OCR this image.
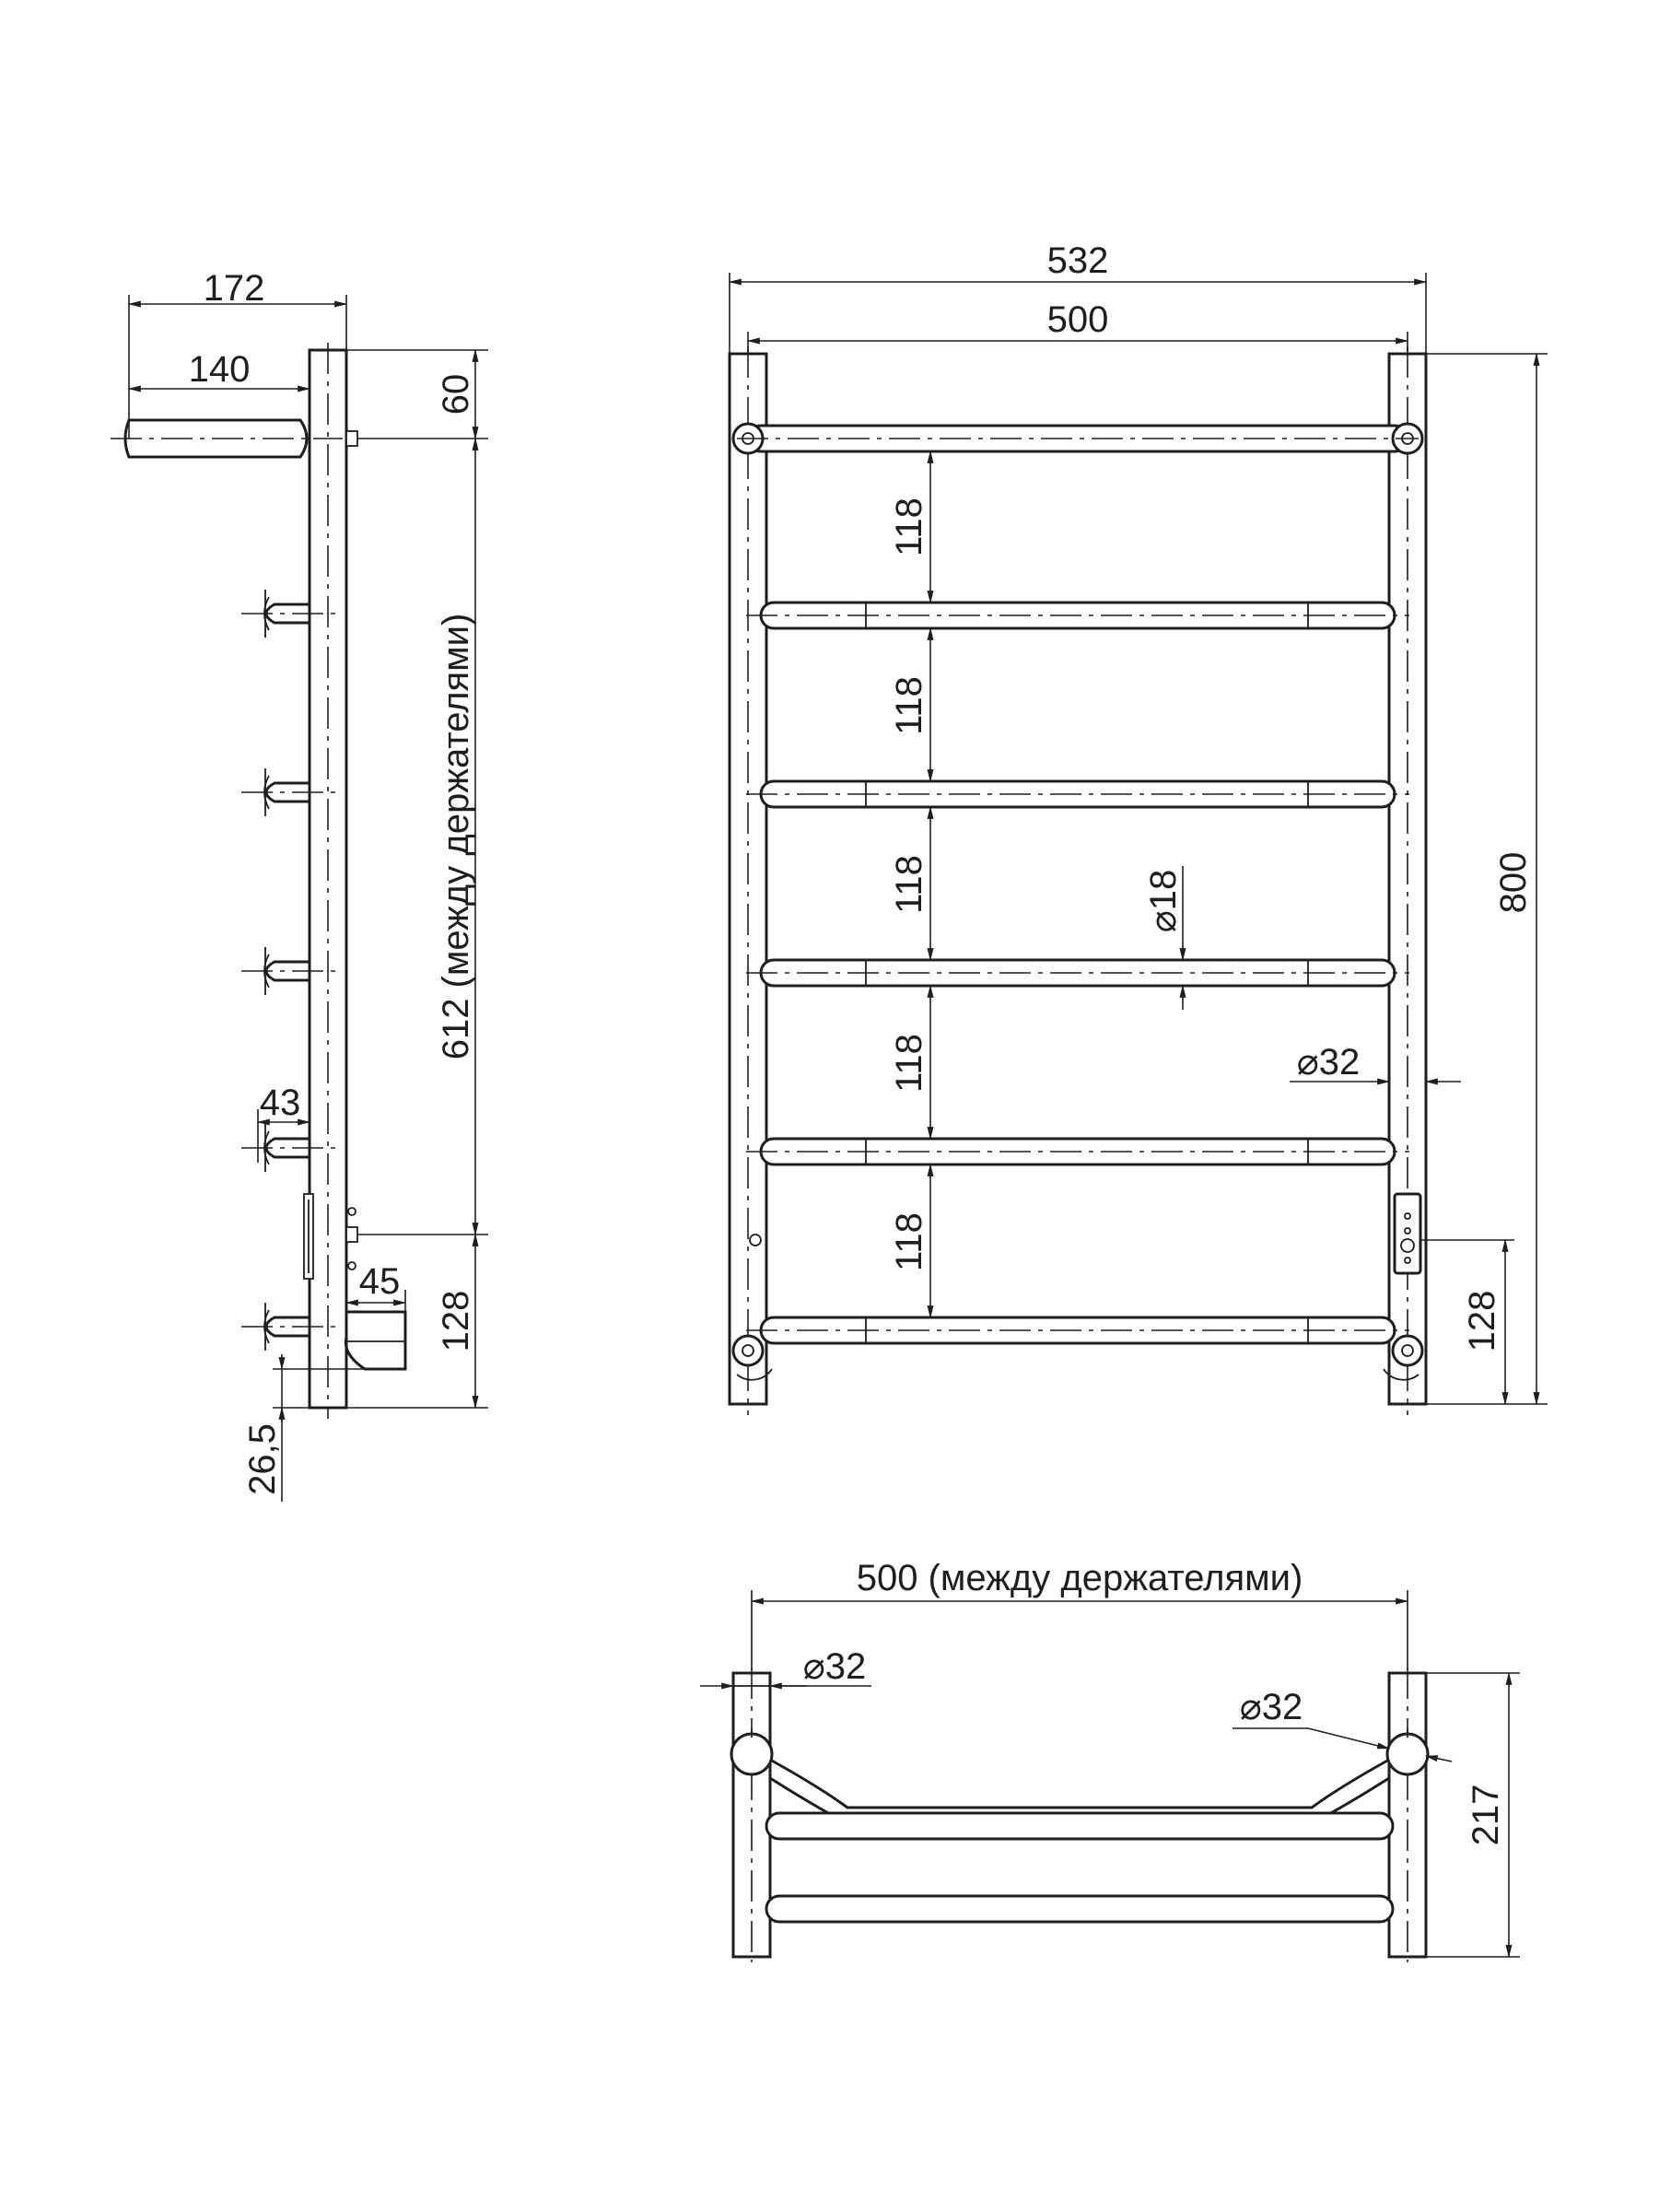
172
140
60
612 (между держателями)
128
43
45
26,5
532
500
118
118
118
118
118
⌀18
⌀32
800
128
500 (между держателями)
⌀32
⌀32
217
